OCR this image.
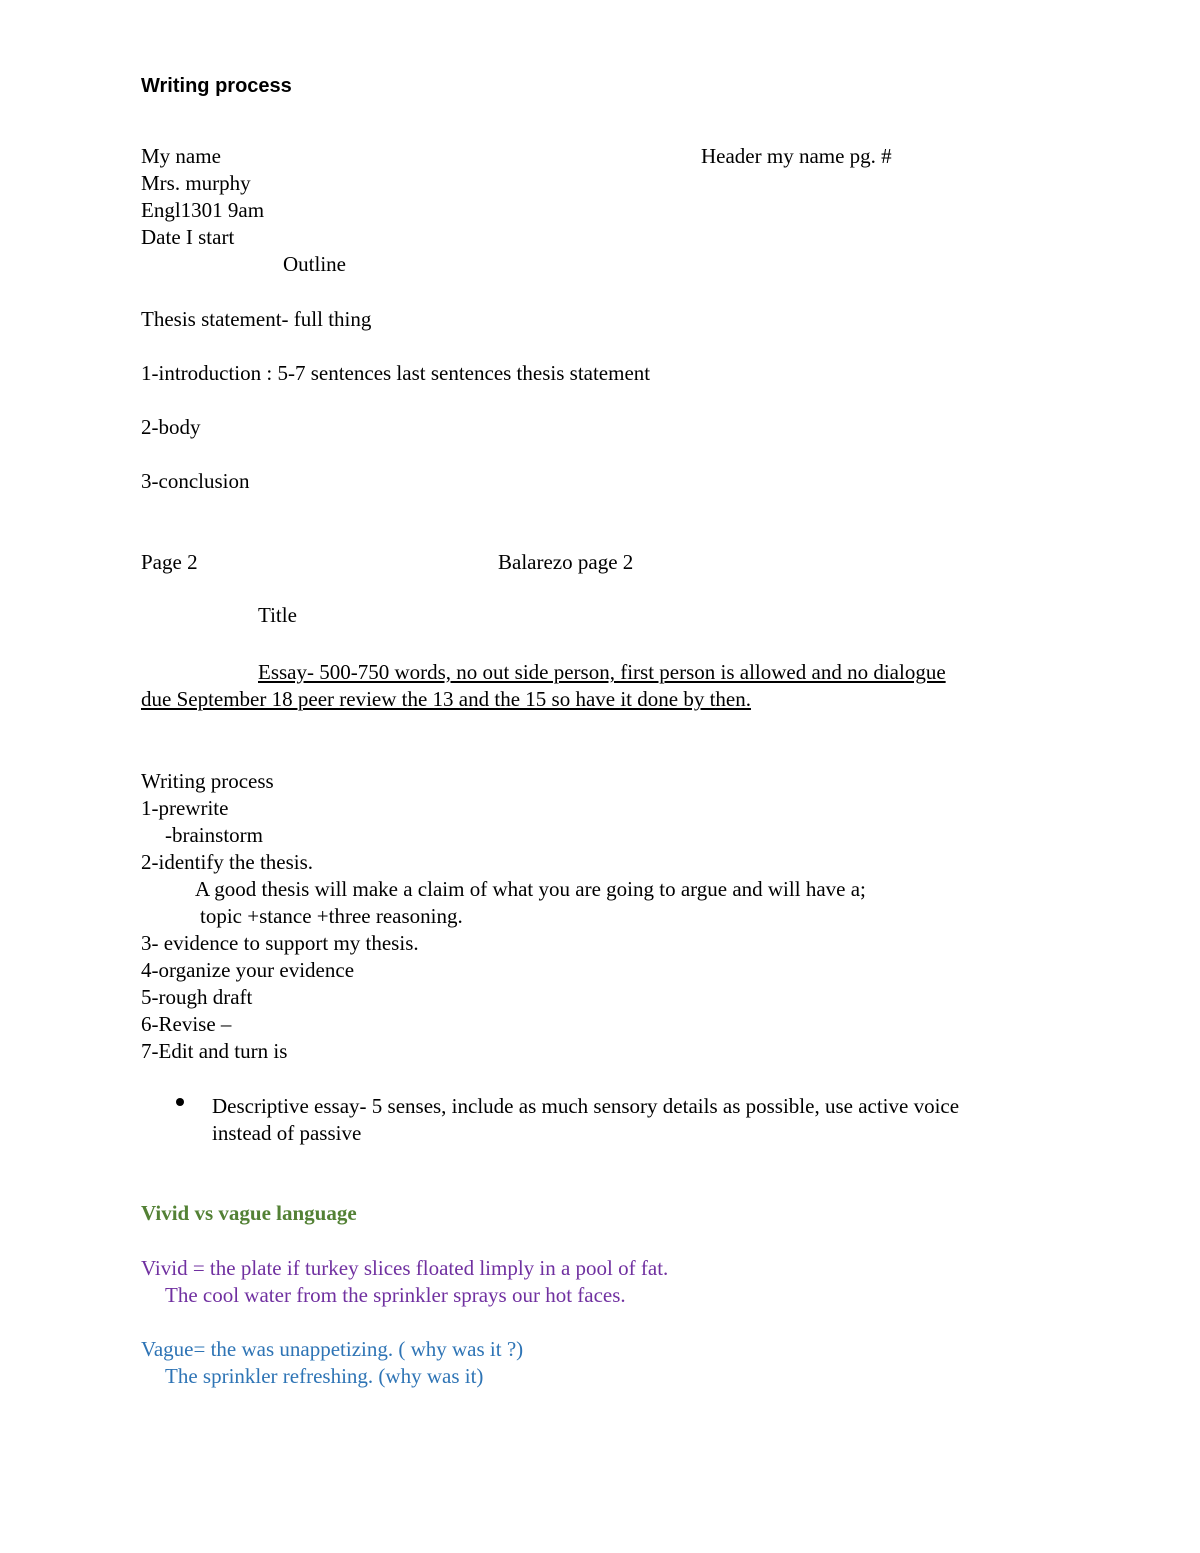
Writing process
My name	Header my name pg. #
Mrs. murphy
Engl1301 9am
Date I start
Outline
Thesis statement- full thing
1-introduction : 5-7 sentences last sentences thesis statement
2-body
3-conclusion
Page 2	Balarezo page 2
Title
Essay- 500-750 words, no out side person, first person is allowed and no dialogue
due September 18 peer review the 13 and the 15 so have it done by then.
Writing process
1-prewrite
-brainstorm
2-identify the thesis.
A good thesis will make a claim of what you are going to argue and will have a;
topic +stance +three reasoning.
3- evidence to support my thesis.
4-organize your evidence
5-rough draft
6-Revise –
7-Edit and turn is
Descriptive essay- 5 senses, include as much sensory details as possible, use active voice
instead of passive
Vivid vs vague language
Vivid = the plate if turkey slices floated limply in a pool of fat.
The cool water from the sprinkler sprays our hot faces.
Vague= the was unappetizing. ( why was it ?)
The sprinkler refreshing. (why was it)
